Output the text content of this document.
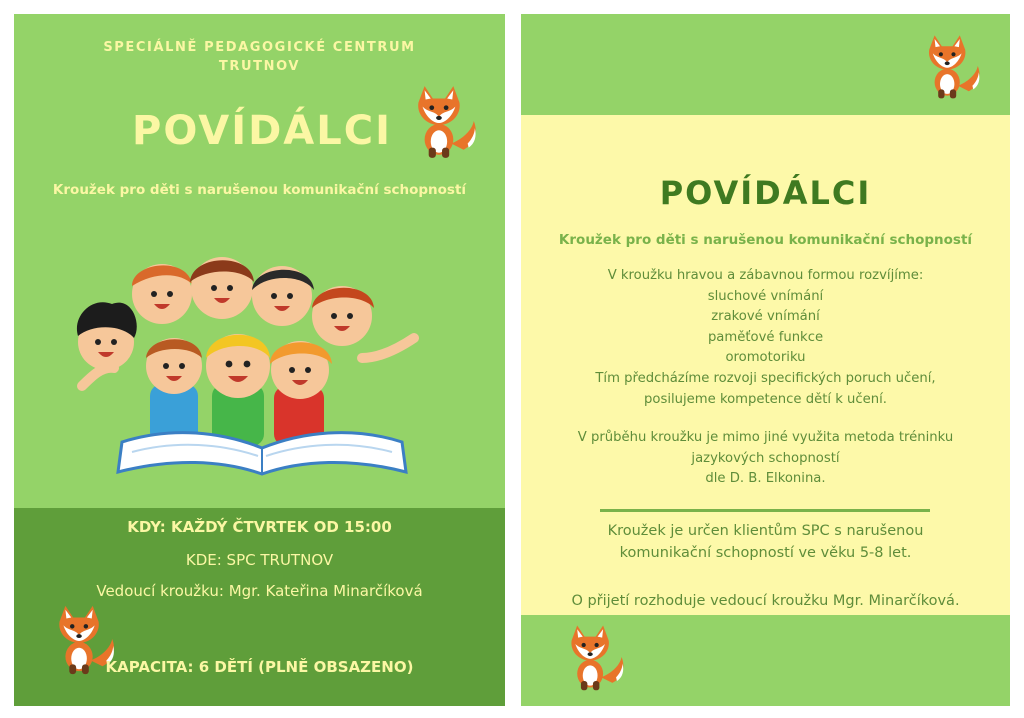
SPECIÁLNĚ PEDAGOGICKÉ CENTRUM
TRUTNOV
POVÍDÁLCI
Kroužek pro děti s narušenou komunikační schopností
KDY: KAŽDÝ ČTVRTEK OD 15:00
KDE: SPC TRUTNOV
Vedoucí kroužku: Mgr. Kateřina Minarčíková
KAPACITA: 6 DĚTÍ (PLNĚ OBSAZENO)
POVÍDÁLCI
Kroužek pro děti s narušenou komunikační schopností
V kroužku hravou a zábavnou formou rozvíjíme:
sluchové vnímání
zrakové vnímání
paměťové funkce
oromotoriku
Tím předcházíme rozvoji specifických poruch učení,
posilujeme kompetence dětí k učení.
V průběhu kroužku je mimo jiné využita metoda tréninku
jazykových schopností
dle D. B. Elkonina.
Kroužek je určen klientům SPC s narušenou
komunikační schopností ve věku 5-8 let.
O přijetí rozhoduje vedoucí kroužku Mgr. Minarčíková.
